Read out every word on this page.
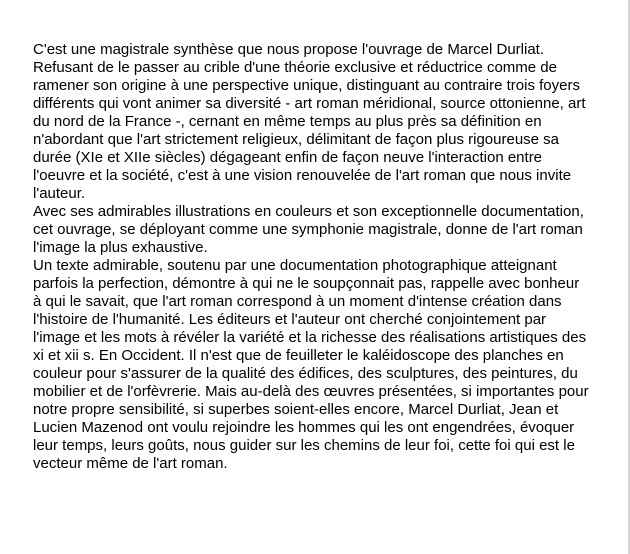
C'est une magistrale synthèse que nous propose l'ouvrage de Marcel Durliat.
Refusant de le passer au crible d'une théorie exclusive et réductrice comme de
ramener son origine à une perspective unique, distinguant au contraire trois foyers
différents qui vont animer sa diversité - art roman méridional, source ottonienne, art
du nord de la France -, cernant en même temps au plus près sa définition en
n'abordant que l'art strictement religieux, délimitant de façon plus rigoureuse sa
durée (XIe et XIIe siècles) dégageant enfin de façon neuve l'interaction entre
l'oeuvre et la société, c'est à une vision renouvelée de l'art roman que nous invite
l'auteur.
Avec ses admirables illustrations en couleurs et son exceptionnelle documentation,
cet ouvrage, se déployant comme une symphonie magistrale, donne de l'art roman
l'image la plus exhaustive.
Un texte admirable, soutenu par une documentation photographique atteignant
parfois la perfection, démontre à qui ne le soupçonnait pas, rappelle avec bonheur
à qui le savait, que l'art roman correspond à un moment d'intense création dans
l'histoire de l'humanité. Les éditeurs et l'auteur ont cherché conjointement par
l'image et les mots à révéler la variété et la richesse des réalisations artistiques des
xi et xii s. En Occident. Il n'est que de feuilleter le kaléidoscope des planches en
couleur pour s'assurer de la qualité des édifices, des sculptures, des peintures, du
mobilier et de l'orfèvrerie. Mais au-delà des œuvres présentées, si importantes pour
notre propre sensibilité, si superbes soient-elles encore, Marcel Durliat, Jean et
Lucien Mazenod ont voulu rejoindre les hommes qui les ont engendrées, évoquer
leur temps, leurs goûts, nous guider sur les chemins de leur foi, cette foi qui est le
vecteur même de l'art roman.
